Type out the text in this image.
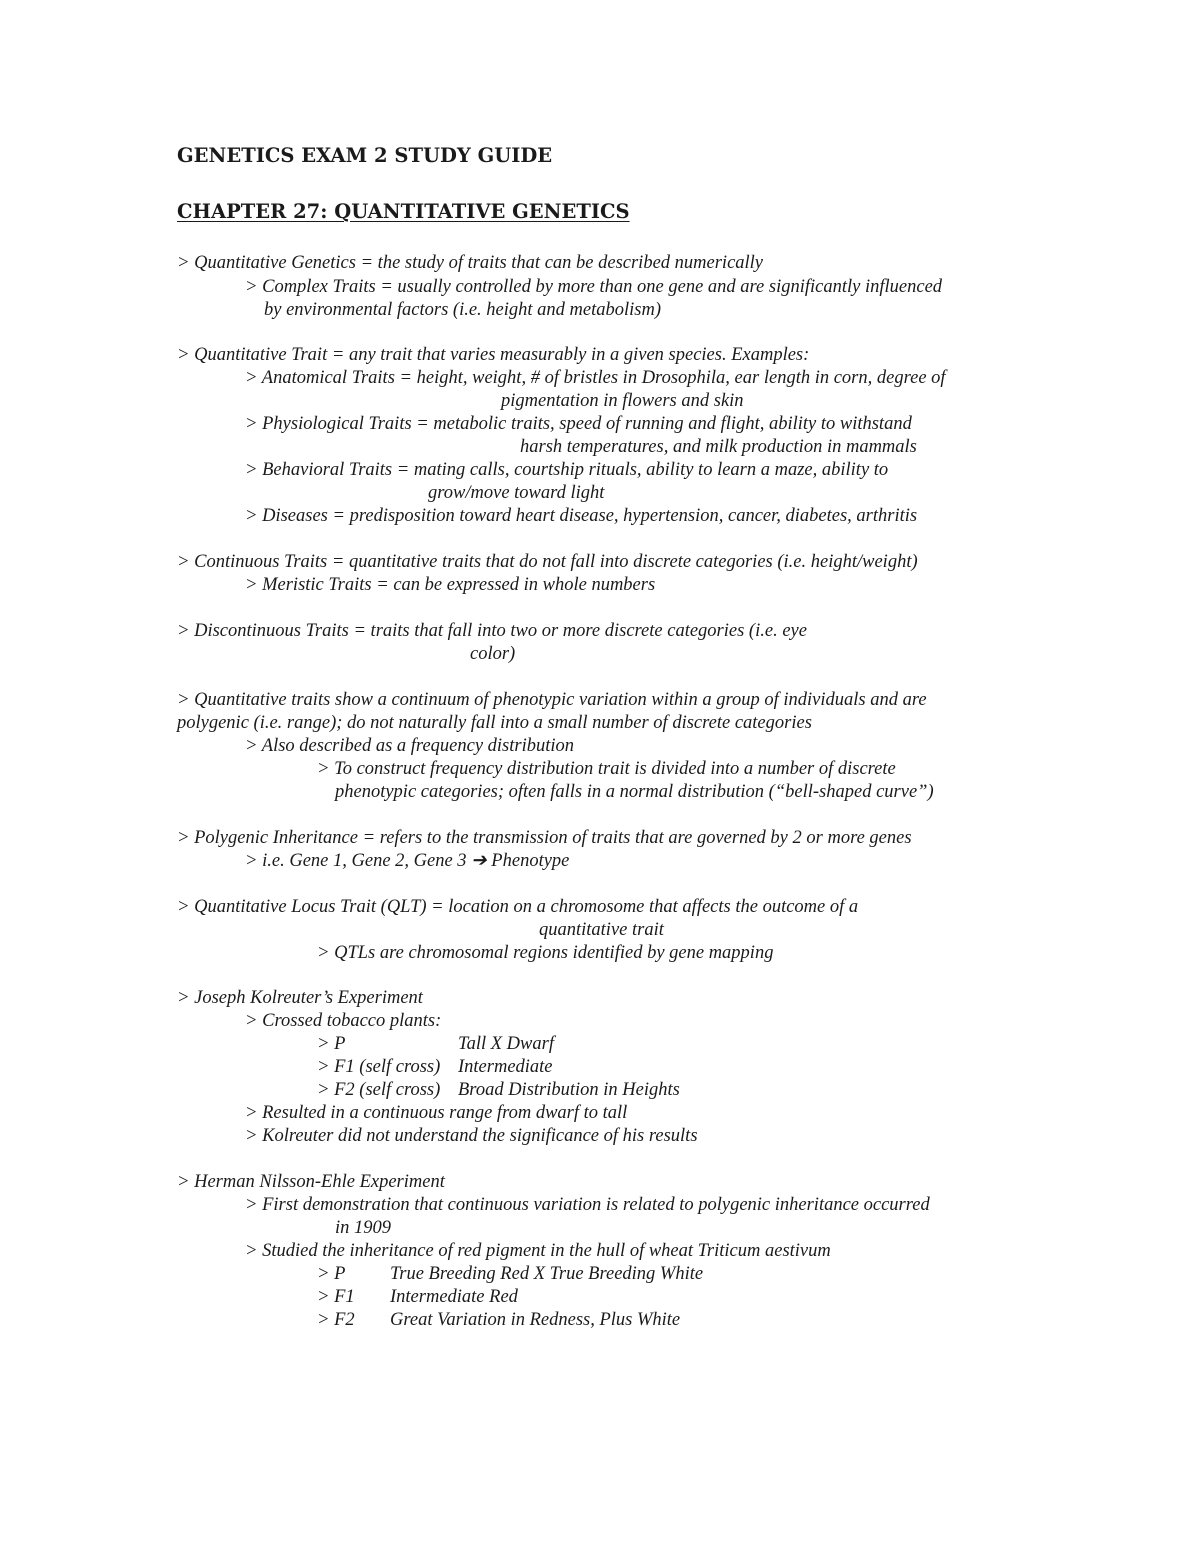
GENETICS EXAM 2 STUDY GUIDE
CHAPTER 27: QUANTITATIVE GENETICS
> Quantitative Genetics = the study of traits that can be described numerically
> Complex Traits = usually controlled by more than one gene and are significantly influenced
by environmental factors (i.e. height and metabolism)
> Quantitative Trait = any trait that varies measurably in a given species. Examples:
> Anatomical Traits = height, weight, # of bristles in Drosophila, ear length in corn, degree of
pigmentation in flowers and skin
> Physiological Traits = metabolic traits, speed of running and flight, ability to withstand
harsh temperatures, and milk production in mammals
> Behavioral Traits = mating calls, courtship rituals, ability to learn a maze, ability to
grow/move toward light
> Diseases = predisposition toward heart disease, hypertension, cancer, diabetes, arthritis
> Continuous Traits = quantitative traits that do not fall into discrete categories (i.e. height/weight)
> Meristic Traits = can be expressed in whole numbers
> Discontinuous Traits = traits that fall into two or more discrete categories (i.e. eye
color)
> Quantitative traits show a continuum of phenotypic variation within a group of individuals and are
polygenic (i.e. range); do not naturally fall into a small number of discrete categories
> Also described as a frequency distribution
> To construct frequency distribution trait is divided into a number of discrete
phenotypic categories; often falls in a normal distribution (“bell-shaped curve”)
> Polygenic Inheritance = refers to the transmission of traits that are governed by 2 or more genes
> i.e. Gene 1, Gene 2, Gene 3 ➔ Phenotype
> Quantitative Locus Trait (QLT) = location on a chromosome that affects the outcome of a
quantitative trait
> QTLs are chromosomal regions identified by gene mapping
> Joseph Kolreuter’s Experiment
> Crossed tobacco plants:
> P	Tall X Dwarf
> F1 (self cross) Intermediate
> F2 (self cross) Broad Distribution in Heights
> Resulted in a continuous range from dwarf to tall
> Kolreuter did not understand the significance of his results
> Herman Nilsson-Ehle Experiment
> First demonstration that continuous variation is related to polygenic inheritance occurred
in 1909
> Studied the inheritance of red pigment in the hull of wheat Triticum aestivum
> P True Breeding Red X True Breeding White
> F1 Intermediate Red
> F2 Great Variation in Redness, Plus White
